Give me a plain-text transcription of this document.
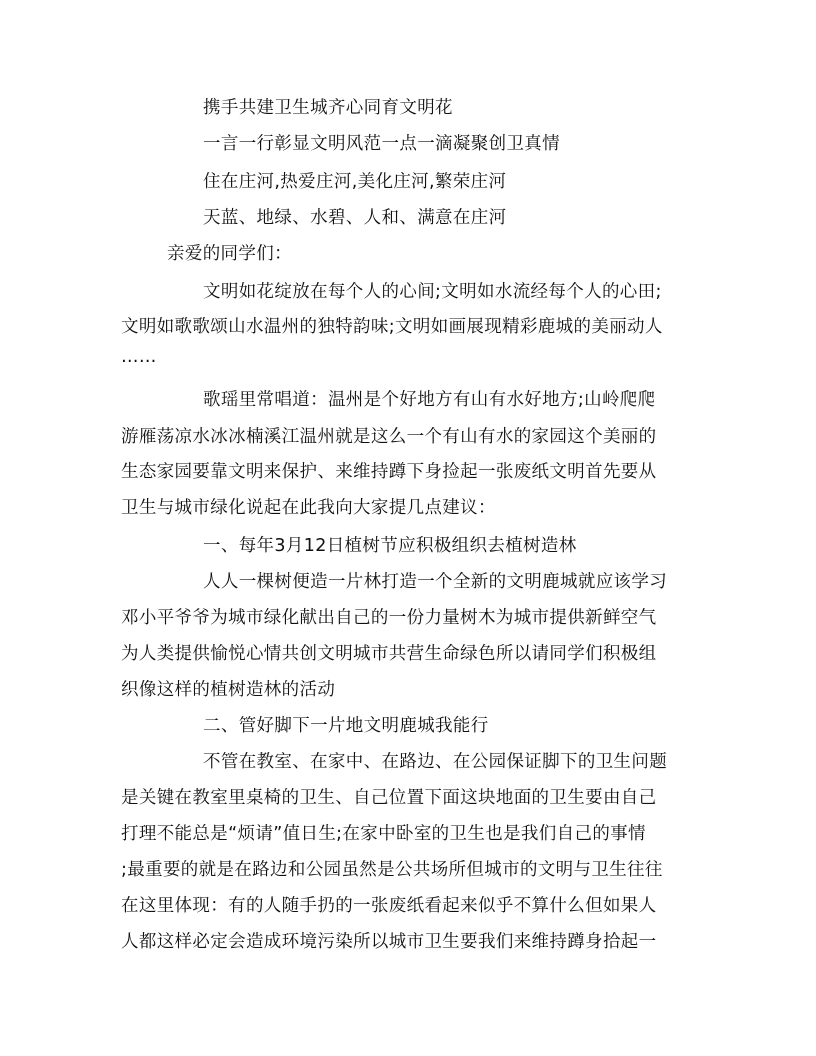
携手共建卫生城齐心同育文明花
一言一行彰显文明风范一点一滴凝聚创卫真情
住在庄河,热爱庄河,美化庄河,繁荣庄河
天蓝、地绿、水碧、人和、满意在庄河
亲爱的同学们：
文明如花绽放在每个人的心间;文明如水流经每个人的心田;
文明如歌歌颂山水温州的独特韵味;文明如画展现精彩鹿城的美丽动人
……
歌瑶里常唱道：温州是个好地方有山有水好地方;山岭爬爬
游雁荡凉水冰冰楠溪江温州就是这么一个有山有水的家园这个美丽的
生态家园要靠文明来保护、来维持蹲下身捡起一张废纸文明首先要从
卫生与城市绿化说起在此我向大家提几点建议：
一、每年3月12日植树节应积极组织去植树造林
人人一棵树便造一片林打造一个全新的文明鹿城就应该学习
邓小平爷爷为城市绿化献出自己的一份力量树木为城市提供新鲜空气
为人类提供愉悦心情共创文明城市共营生命绿色所以请同学们积极组
织像这样的植树造林的活动
二、管好脚下一片地文明鹿城我能行
不管在教室、在家中、在路边、在公园保证脚下的卫生问题
是关键在教室里桌椅的卫生、自己位置下面这块地面的卫生要由自己
打理不能总是“烦请”值日生;在家中卧室的卫生也是我们自己的事情
;最重要的就是在路边和公园虽然是公共场所但城市的文明与卫生往往
在这里体现：有的人随手扔的一张废纸看起来似乎不算什么但如果人
人都这样必定会造成环境污染所以城市卫生要我们来维持蹲身拾起一
